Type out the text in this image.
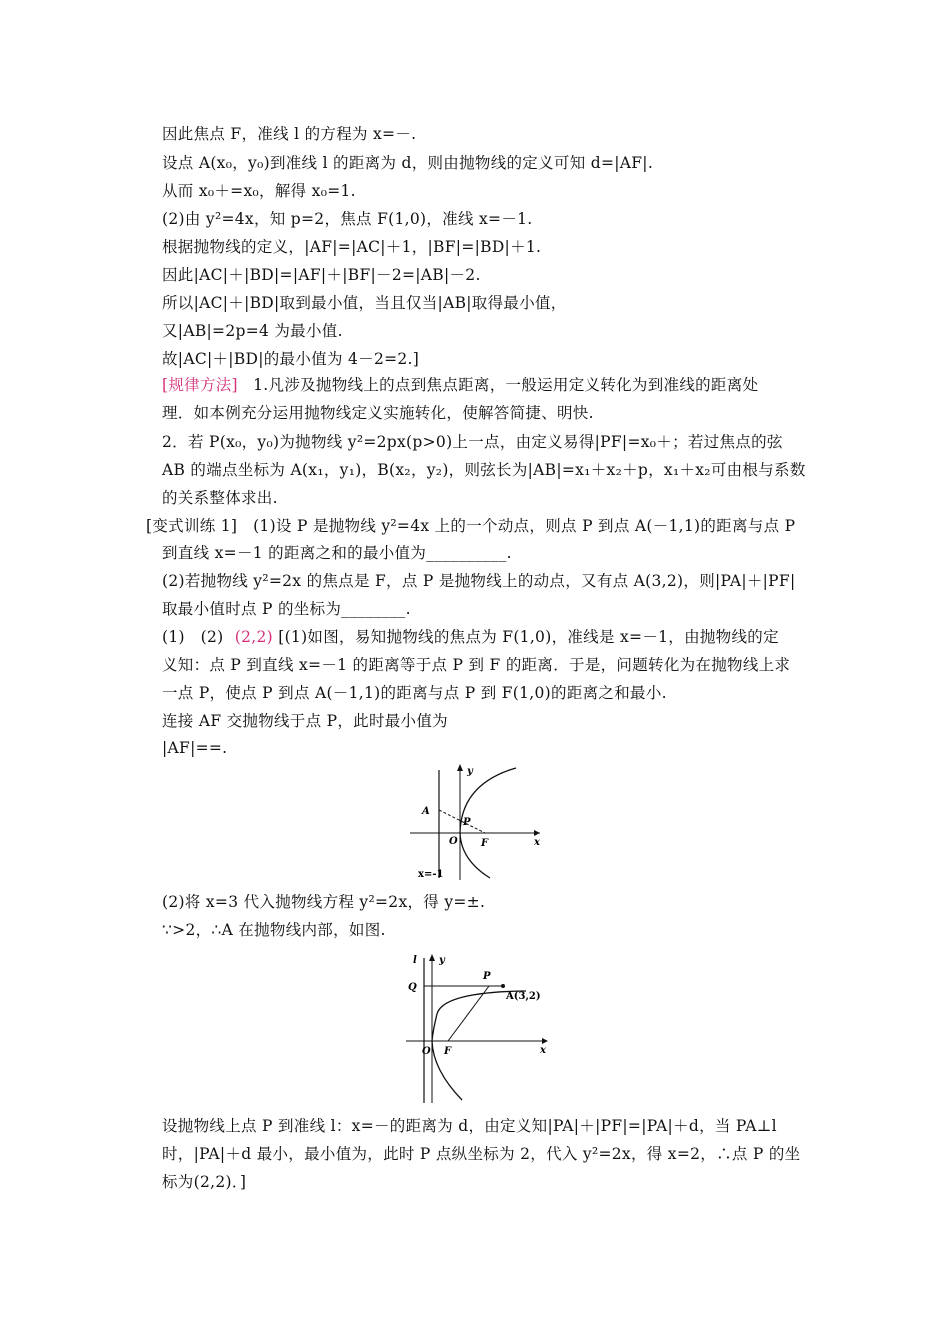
因此焦点 F，准线 l 的方程为 x=－.
设点 A(x₀，y₀)到准线 l 的距离为 d，则由抛物线的定义可知 d=|AF|.
从而 x₀＋=x₀，解得 x₀=1.
(2)由 y²=4x，知 p=2，焦点 F(1,0)，准线 x=－1.
根据抛物线的定义，|AF|=|AC|＋1，|BF|=|BD|＋1.
因此|AC|＋|BD|=|AF|＋|BF|－2=|AB|－2.
所以|AC|＋|BD|取到最小值，当且仅当|AB|取得最小值，
又|AB|=2p=4 为最小值.
故|AC|＋|BD|的最小值为 4－2=2.]
[规律方法] 1.凡涉及抛物线上的点到焦点距离，一般运用定义转化为到准线的距离处
理．如本例充分运用抛物线定义实施转化，使解答简捷、明快.
2．若 P(x₀，y₀)为抛物线 y²=2px(p>0)上一点，由定义易得|PF|=x₀＋；若过焦点的弦
AB 的端点坐标为 A(x₁，y₁)，B(x₂，y₂)，则弦长为|AB|=x₁＋x₂＋p，x₁＋x₂可由根与系数
的关系整体求出.
[变式训练 1]　(1)设 P 是抛物线 y²=4x 上的一个动点，则点 P 到点 A(－1,1)的距离与点 P
到直线 x=－1 的距离之和的最小值为__________.
(2)若抛物线 y²=2x 的焦点是 F，点 P 是抛物线上的动点，又有点 A(3,2)，则|PA|＋|PF|
取最小值时点 P 的坐标为________.
(1)　(2) (2,2) [(1)如图，易知抛物线的焦点为 F(1,0)，准线是 x=－1，由抛物线的定
义知：点 P 到直线 x=－1 的距离等于点 P 到 F 的距离．于是，问题转化为在抛物线上求
一点 P，使点 P 到点 A(－1,1)的距离与点 P 到 F(1,0)的距离之和最小.
连接 AF 交抛物线于点 P，此时最小值为
|AF|==.
y
x
A
P
O F
x=-1
(2)将 x=3 代入抛物线方程 y²=2x，得 y=±.
∵>2，∴A 在抛物线内部，如图.
l y
x
Q
P
A(3,2)
O F
设抛物线上点 P 到准线 l：x=－的距离为 d，由定义知|PA|＋|PF|=|PA|＋d，当 PA⊥l
时，|PA|＋d 最小，最小值为，此时 P 点纵坐标为 2，代入 y²=2x，得 x=2，∴点 P 的坐
标为(2,2)．]
